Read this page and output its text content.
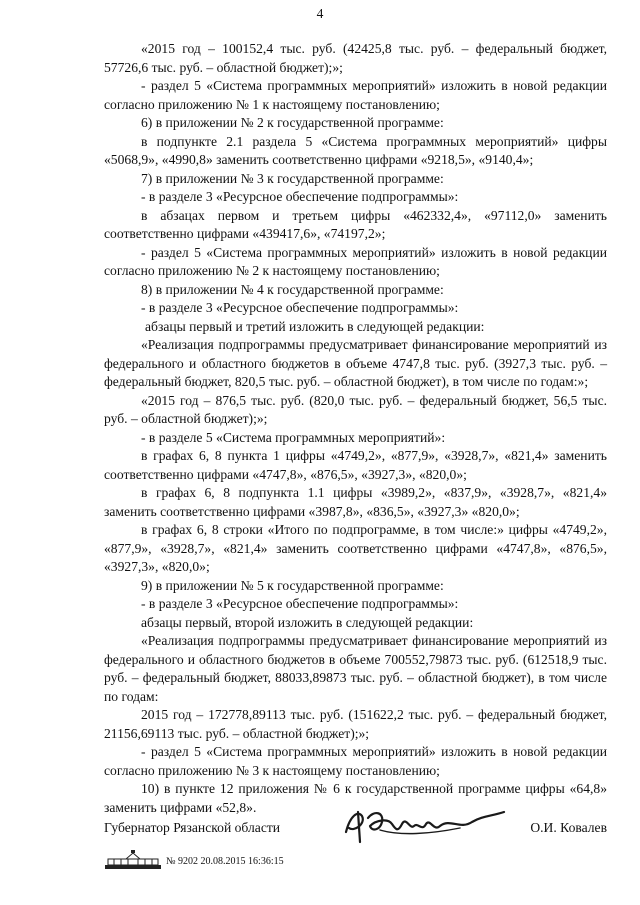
4

«2015 год – 100152,4 тыс. руб. (42425,8 тыс. руб. – федеральный бюджет, 57726,6 тыс. руб. – областной бюджет);»;

- раздел 5 «Система программных мероприятий» изложить в новой редакции согласно приложению № 1 к настоящему постановлению;

6) в приложении № 2 к государственной программе:

в подпункте 2.1 раздела 5 «Система программных мероприятий» цифры «5068,9», «4990,8» заменить соответственно цифрами «9218,5», «9140,4»;

7) в приложении № 3 к государственной программе:

- в разделе 3 «Ресурсное обеспечение подпрограммы»:

в абзацах первом и третьем цифры «462332,4», «97112,0» заменить соответственно цифрами «439417,6», «74197,2»;

- раздел 5 «Система программных мероприятий» изложить в новой редакции согласно приложению № 2 к настоящему постановлению;

8) в приложении № 4 к государственной программе:

- в разделе 3 «Ресурсное обеспечение подпрограммы»:

абзацы первый и третий изложить в следующей редакции:

«Реализация подпрограммы предусматривает финансирование мероприятий из федерального и областного бюджетов в объеме 4747,8 тыс. руб. (3927,3 тыс. руб. – федеральный бюджет, 820,5 тыс. руб. – областной бюджет), в том числе по годам:»;

«2015 год – 876,5 тыс. руб. (820,0 тыс. руб. – федеральный бюджет, 56,5 тыс. руб. – областной бюджет);»;

- в разделе 5 «Система программных мероприятий»:

в графах 6, 8 пункта 1 цифры «4749,2», «877,9», «3928,7», «821,4» заменить соответственно цифрами «4747,8», «876,5», «3927,3», «820,0»;

в графах 6, 8 подпункта 1.1 цифры «3989,2», «837,9», «3928,7», «821,4» заменить соответственно цифрами «3987,8», «836,5», «3927,3» «820,0»;

в графах 6, 8 строки «Итого по подпрограмме, в том числе:» цифры «4749,2», «877,9», «3928,7», «821,4» заменить соответственно цифрами «4747,8», «876,5», «3927,3», «820,0»;

9) в приложении № 5 к государственной программе:

- в разделе 3 «Ресурсное обеспечение подпрограммы»:

абзацы первый, второй изложить в следующей редакции:

«Реализация подпрограммы предусматривает финансирование мероприятий из федерального и областного бюджетов в объеме 700552,79873 тыс. руб. (612518,9 тыс. руб. – федеральный бюджет, 88033,89873 тыс. руб. – областной бюджет), в том числе по годам:

2015 год – 172778,89113 тыс. руб. (151622,2 тыс. руб. – федеральный бюджет, 21156,69113 тыс. руб. – областной бюджет);»;

- раздел 5 «Система программных мероприятий» изложить в новой редакции согласно приложению № 3 к настоящему постановлению;

10) в пункте 12 приложения № 6 к государственной программе цифры «64,8» заменить цифрами «52,8».

Губернатор Рязанской области	О.И. Ковалев
№ 9202 20.08.2015 16:36:15
